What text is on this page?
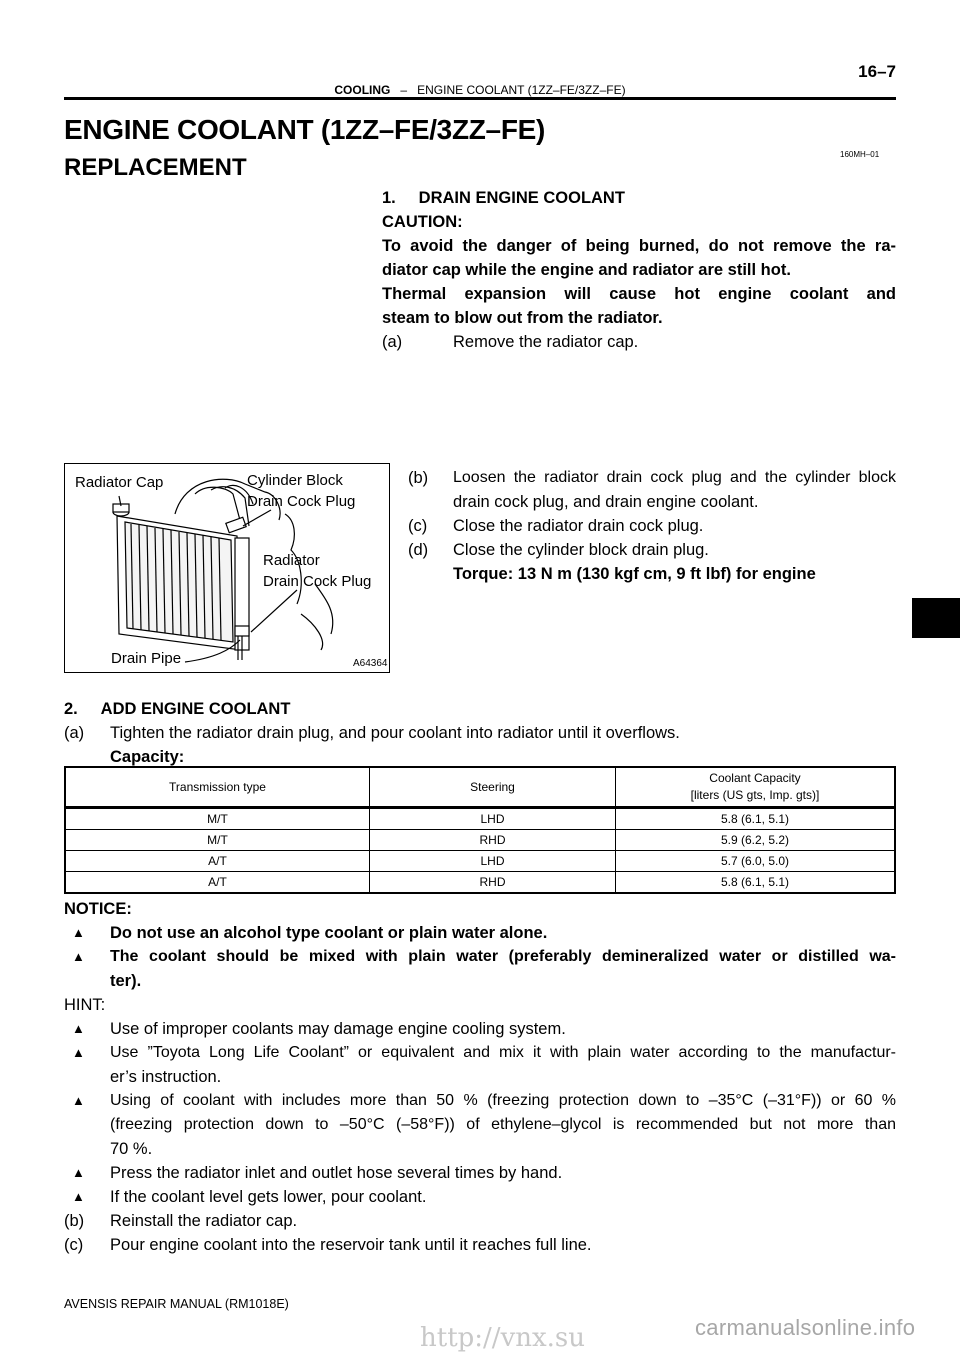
16–7
COOLING – ENGINE COOLANT (1ZZ–FE/3ZZ–FE)
ENGINE COOLANT (1ZZ–FE/3ZZ–FE)
REPLACEMENT	160MH–01
1.     DRAIN ENGINE COOLANT
CAUTION:
To avoid the danger of being burned, do not remove the ra-
diator cap while the engine and radiator are still hot.
Thermal expansion will cause hot engine coolant and
steam to blow out from the radiator.
(a)	Remove the radiator cap.
Radiator Cap	Cylinder Block
Drain Cock Plug
Radiator
Drain Cock Plug
Drain Pipe	A64364
(b) Loosen the radiator drain cock plug and the cylinder block
drain cock plug, and drain engine coolant.
(c) Close the radiator drain cock plug.
(d) Close the cylinder block drain plug.
Torque: 13 N m (130 kgf cm, 9 ft lbf) for engine
2.     ADD ENGINE COOLANT
(a) Tighten the radiator drain plug, and pour coolant into radiator until it overflows.
Capacity:
Transmission type	Steering	Coolant Capacity
[liters (US gts, Imp. gts)]
M/T	LHD	5.8 (6.1, 5.1)
M/T	RHD	5.9 (6.2, 5.2)
A/T	LHD	5.7 (6.0, 5.0)
A/T	RHD	5.8 (6.1, 5.1)
NOTICE:
▲ Do not use an alcohol type coolant or plain water alone.
▲ The coolant should be mixed with plain water (preferably demineralized water or distilled wa-
ter).
HINT:
▲ Use of improper coolants may damage engine cooling system.
▲ Use ”Toyota Long Life Coolant” or equivalent and mix it with plain water according to the manufactur-
er’s instruction.
▲ Using of coolant with includes more than 50 % (freezing protection down to –35°C (–31°F)) or 60 %
(freezing protection down to –50°C (–58°F)) of ethylene–glycol is recommended but not more than
70 %.
▲ Press the radiator inlet and outlet hose several times by hand.
▲ If the coolant level gets lower, pour coolant.
(b) Reinstall the radiator cap.
(c) Pour engine coolant into the reservoir tank until it reaches full line.
AVENSIS REPAIR MANUAL (RM1018E)
http://vnx.su	carmanualsonline.info
